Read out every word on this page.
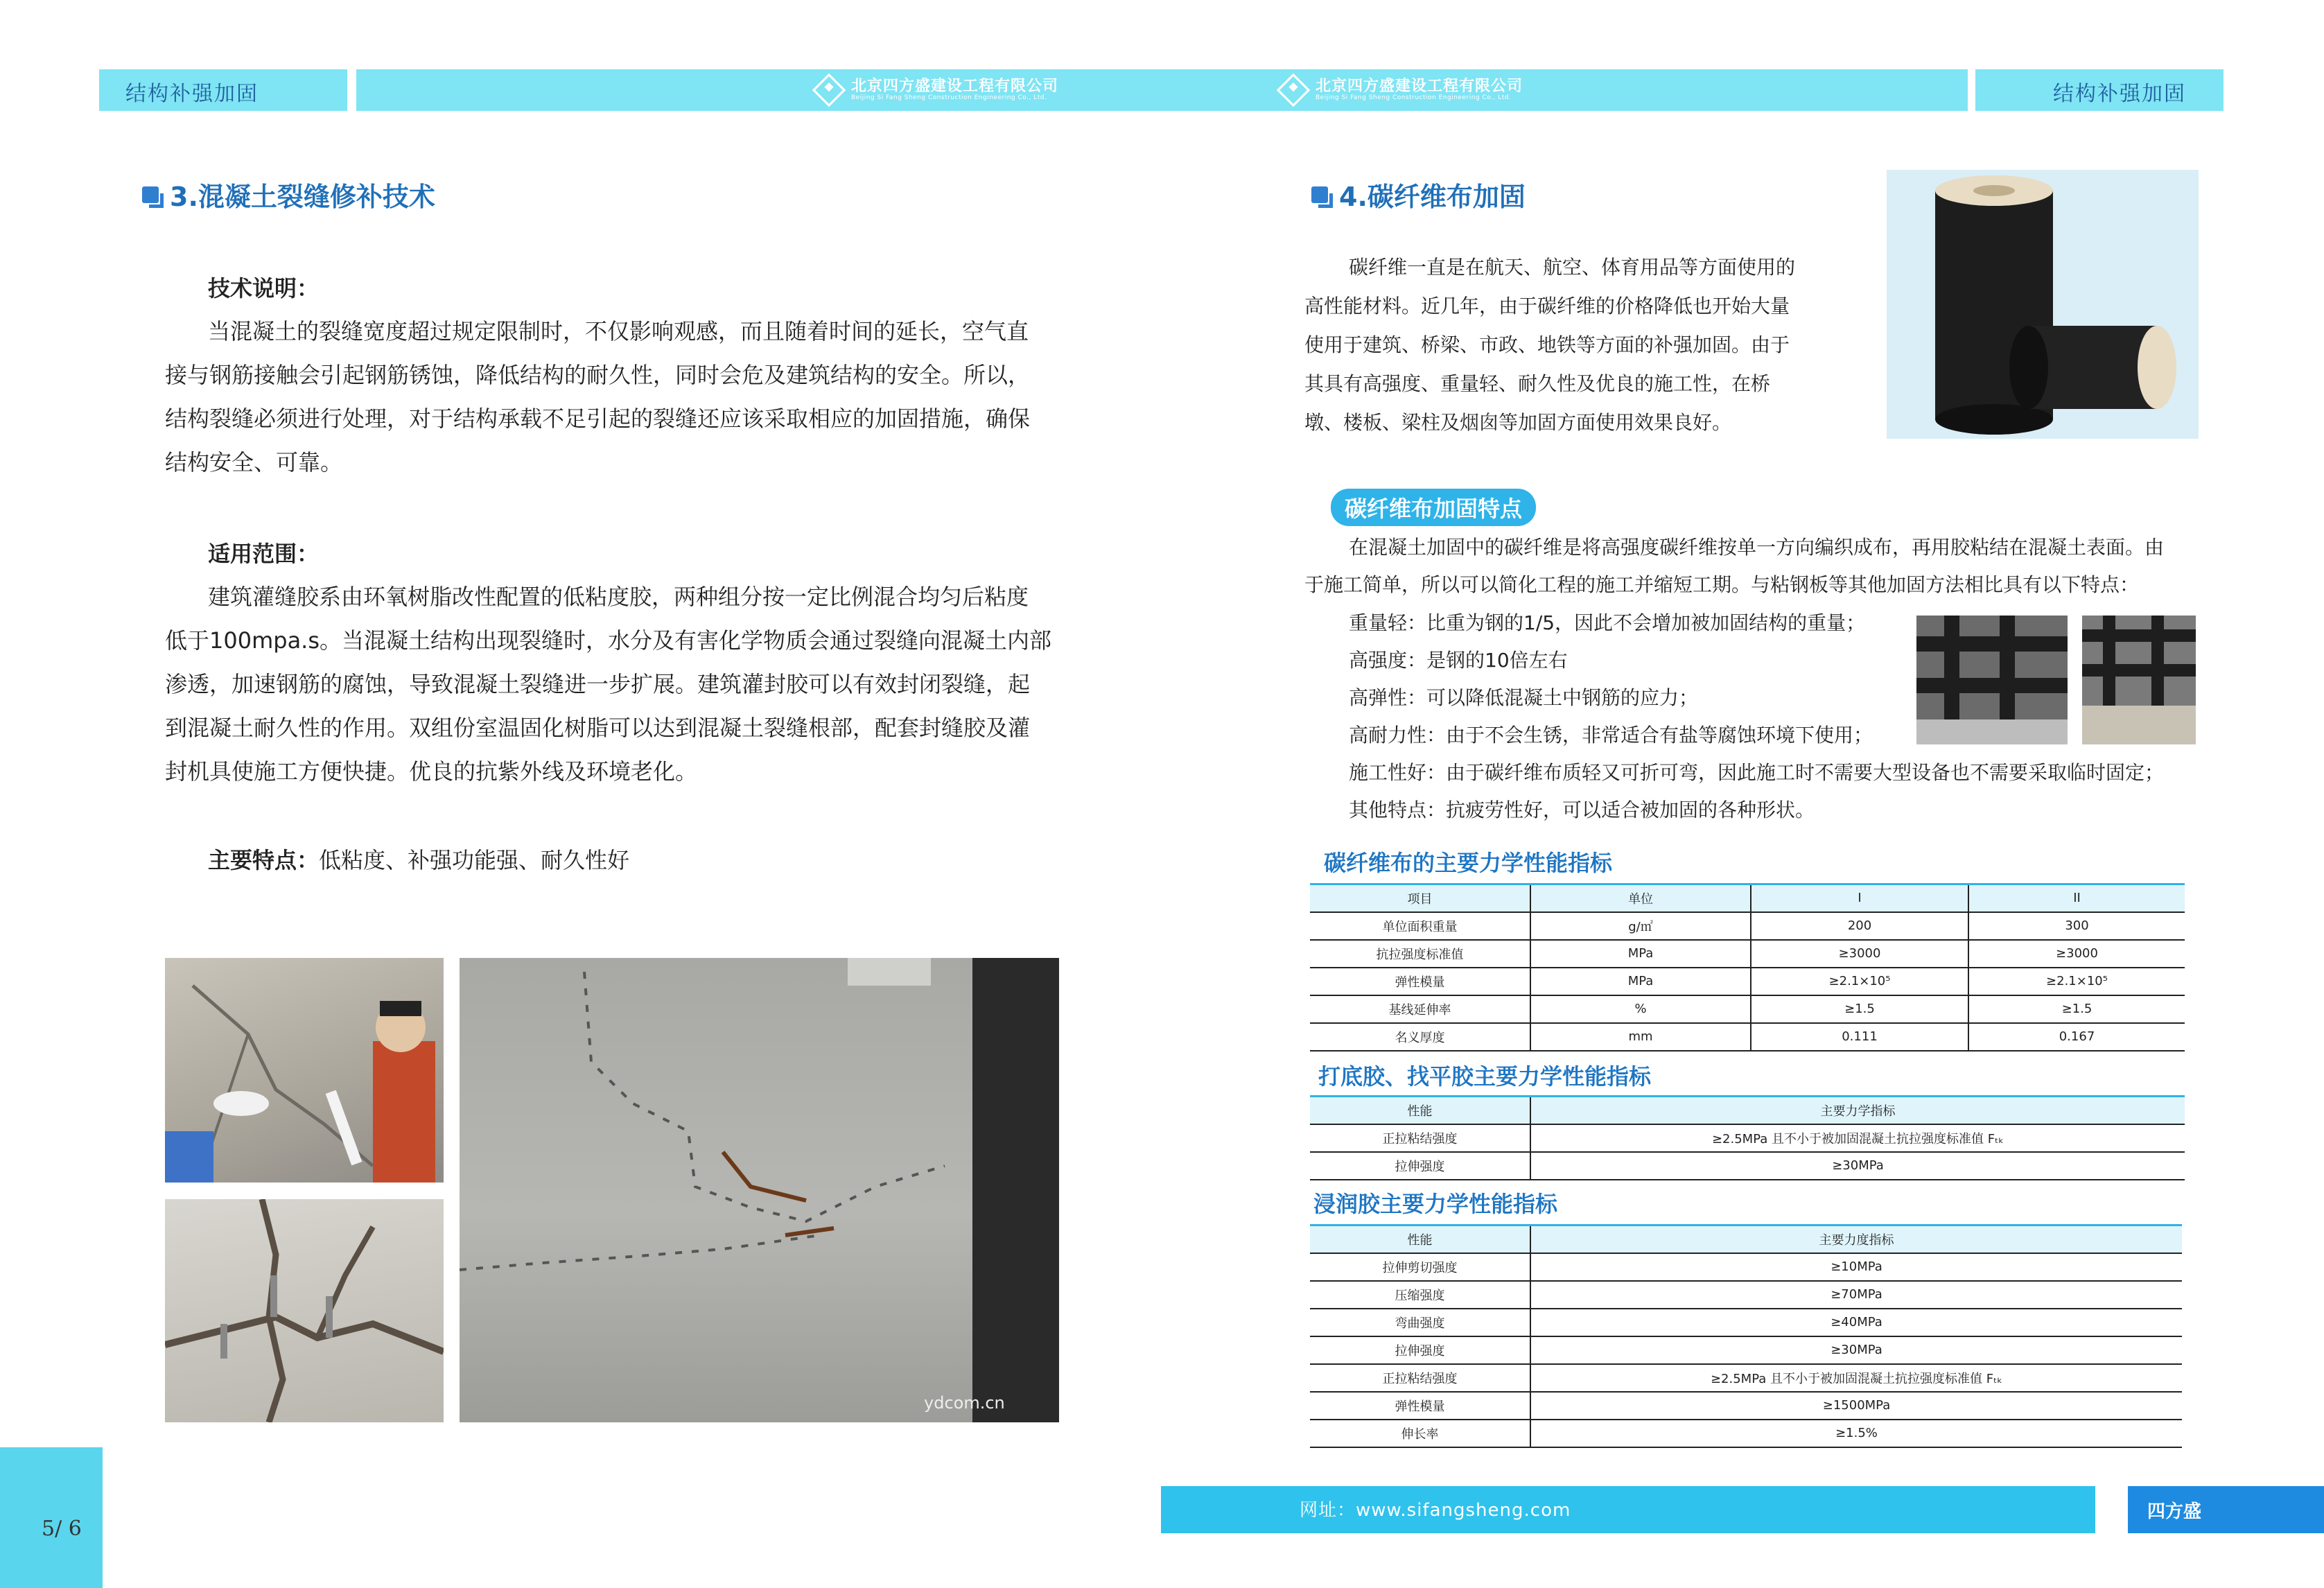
结构补强加固	北京四方盛建设工程有限公司
Beijing Si Fang Sheng Construction Engineering Co., Ltd.
北京四方盛建设工程有限公司
Beijing Si Fang Sheng Construction Engineering Co., Ltd.	结构补强加固
3.混凝土裂缝修补技术
技术说明：
当混凝土的裂缝宽度超过规定限制时，不仅影响观感，而且随着时间的延长，空气直
接与钢筋接触会引起钢筋锈蚀，降低结构的耐久性，同时会危及建筑结构的安全。所以，
结构裂缝必须进行处理，对于结构承载不足引起的裂缝还应该采取相应的加固措施，确保
结构安全、可靠。
适用范围：
建筑灌缝胶系由环氧树脂改性配置的低粘度胶，两种组分按一定比例混合均匀后粘度
低于100mpa.s。当混凝土结构出现裂缝时，水分及有害化学物质会通过裂缝向混凝土内部
渗透，加速钢筋的腐蚀，导致混凝土裂缝进一步扩展。建筑灌封胶可以有效封闭裂缝，起
到混凝土耐久性的作用。双组份室温固化树脂可以达到混凝土裂缝根部，配套封缝胶及灌
封机具使施工方便快捷。优良的抗紫外线及环境老化。
主要特点：低粘度、补强功能强、耐久性好
ydcom.cn
4.碳纤维布加固
碳纤维一直是在航天、航空、体育用品等方面使用的
高性能材料。近几年，由于碳纤维的价格降低也开始大量
使用于建筑、桥梁、市政、地铁等方面的补强加固。由于
其具有高强度、重量轻、耐久性及优良的施工性，在桥
墩、楼板、梁柱及烟囱等加固方面使用效果良好。
碳纤维布加固特点
在混凝土加固中的碳纤维是将高强度碳纤维按单一方向编织成布，再用胶粘结在混凝土表面。由
于施工简单，所以可以简化工程的施工并缩短工期。与粘钢板等其他加固方法相比具有以下特点：
重量轻：比重为钢的1/5，因此不会增加被加固结构的重量；
高强度：是钢的10倍左右
高弹性：可以降低混凝土中钢筋的应力；
高耐力性：由于不会生锈，非常适合有盐等腐蚀环境下使用；
施工性好：由于碳纤维布质轻又可折可弯，因此施工时不需要大型设备也不需要采取临时固定；
其他特点：抗疲劳性好，可以适合被加固的各种形状。
碳纤维布的主要力学性能指标
项目	单位	I	II
单位面积重量	g/㎡	200	300
抗拉强度标准值	MPa	≥3000	≥3000
弹性模量	MPa	≥2.1×10⁵	≥2.1×10⁵
基线延伸率	%	≥1.5	≥1.5
名义厚度	mm	0.111	0.167
打底胶、找平胶主要力学性能指标
性能	主要力学指标
正拉粘结强度	≥2.5MPa 且不小于被加固混凝土抗拉强度标准值 Fₜₖ
拉伸强度	≥30MPa
浸润胶主要力学性能指标
性能	主要力度指标
拉伸剪切强度	≥10MPa
压缩强度	≥70MPa
弯曲强度	≥40MPa
拉伸强度	≥30MPa
正拉粘结强度	≥2.5MPa 且不小于被加固混凝土抗拉强度标准值 Fₜₖ
弹性模量	≥1500MPa
伸长率	≥1.5%
5/ 6
网址：www.sifangsheng.com	四方盛
